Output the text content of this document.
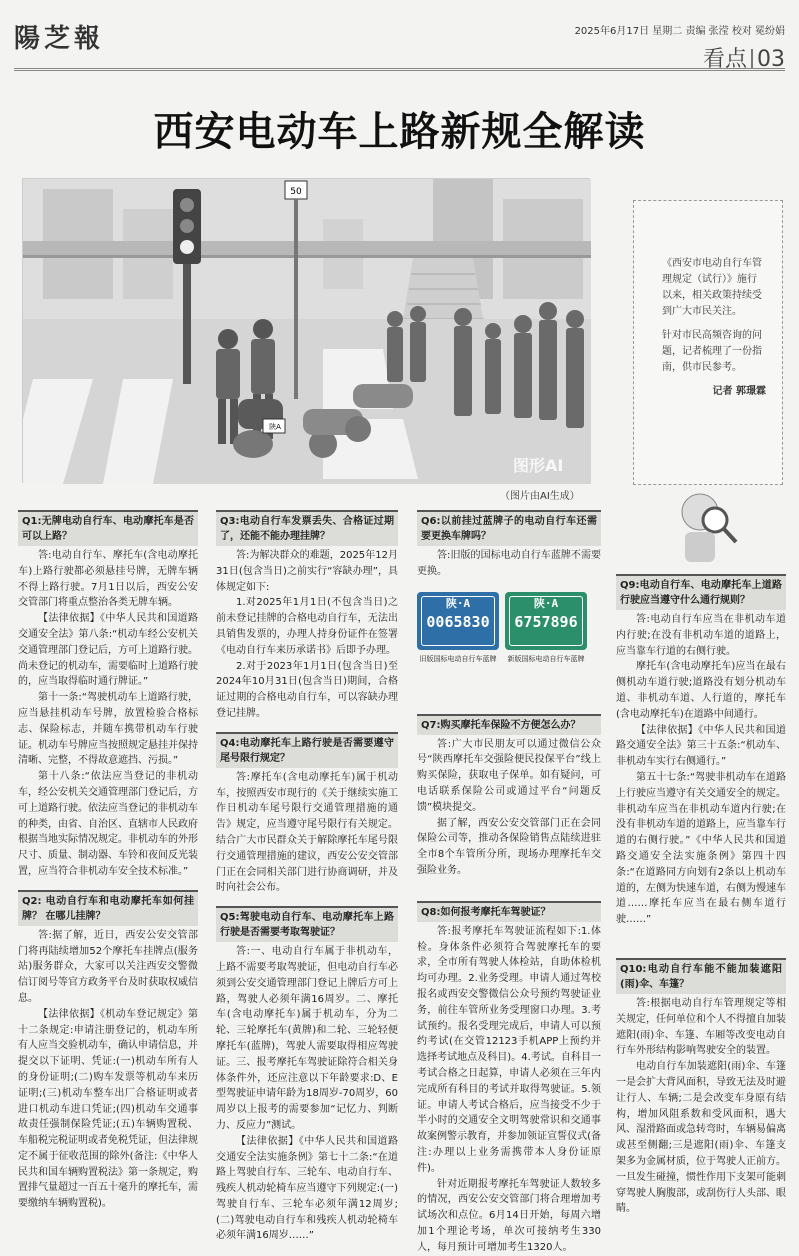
陽芝報	2025年6月17日 星期二 责编 张滢 校对 冕纷娟
看点 03
西安电动车上路新规全解读
50
陕A
图形AI
（图片由AI生成）

《西安市电动自行车管理规定（试行）》施行以来，相关政策持续受到广大市民关注。

针对市民高频咨询的问题，记者梳理了一份指南，供市民参考。

记者 郭璟霖

Q1:无牌电动自行车、电动摩托车是否可以上路？

答:电动自行车、摩托车(含电动摩托车)上路行驶都必须悬挂号牌，无牌车辆不得上路行驶。7月1日以后，西安公安交管部门将重点整治各类无牌车辆。

【法律依据】《中华人民共和国道路交通安全法》第八条:“机动车经公安机关交通管理部门登记后，方可上道路行驶。尚未登记的机动车，需要临时上道路行驶的，应当取得临时通行牌证。”

第十一条:“驾驶机动车上道路行驶，应当悬挂机动车号牌，放置检验合格标志、保险标志，并随车携带机动车行驶证。机动车号牌应当按照规定悬挂并保持清晰、完整，不得故意遮挡、污损。”

第十八条:“依法应当登记的非机动车，经公安机关交通管理部门登记后，方可上道路行驶。依法应当登记的非机动车的种类，由省、自治区、直辖市人民政府根据当地实际情况规定。非机动车的外形尺寸、质量、制动器、车铃和夜间反光装置，应当符合非机动车安全技术标准。”

Q2: 电动自行车和电动摩托车如何挂牌？ 在哪儿挂牌？

答:据了解，近日，西安公安交管部门将再陆续增加52个摩托车挂牌点(服务站)服务群众，大家可以关注西安交警微信订阅号等官方政务平台及时获取权威信息。

【法律依据】《机动车登记规定》第十二条规定:申请注册登记的，机动车所有人应当交验机动车，确认申请信息，并提交以下证明、凭证:(一)机动车所有人的身份证明;(二)购车发票等机动车来历证明;(三)机动车整车出厂合格证明或者进口机动车进口凭证;(四)机动车交通事故责任强制保险凭证;(五)车辆购置税、车船税完税证明或者免税凭证，但法律规定不属于征收范围的除外(备注:《中华人民共和国车辆购置税法》第一条规定，购置排气量超过一百五十毫升的摩托车，需要缴纳车辆购置税)。

Q3:电动自行车发票丢失、合格证过期了，还能不能办理挂牌？

答:为解决群众的难题，2025年12月31日(包含当日)之前实行“容缺办理”，具体规定如下:

1.对2025年1月1日(不包含当日)之前未登记挂牌的合格电动自行车，无法出具销售发票的，办理人持身份证件在签署《电动自行车来历承诺书》后即予办理。

2.对于2023年1月1日(包含当日)至2024年10月31日(包含当日)期间，合格证过期的合格电动自行车，可以容缺办理登记挂牌。

Q4:电动摩托车上路行驶是否需要遵守尾号限行规定？

答:摩托车(含电动摩托车)属于机动车，按照西安市现行的《关于继续实施工作日机动车尾号限行交通管理措施的通告》规定，应当遵守尾号限行有关规定。结合广大市民群众关于解除摩托车尾号限行交通管理措施的建议，西安公安交管部门正在会同相关部门进行协商调研，并及时向社会公布。

Q5:驾驶电动自行车、电动摩托车上路行驶是否需要考取驾驶证？

答:一、电动自行车属于非机动车，上路不需要考取驾驶证，但电动自行车必须到公安交通管理部门登记上牌后方可上路，驾驶人必须年满16周岁。二、摩托车(含电动摩托车)属于机动车，分为二轮、三轮摩托车(黄牌)和二轮、三轮轻便摩托车(蓝牌)，驾驶人需要取得相应驾驶证。三、报考摩托车驾驶证除符合相关身体条件外，还应注意以下年龄要求:D、E型驾驶证申请年龄为18周岁-70周岁，60周岁以上报考的需要参加“记忆力、判断力、反应力”测试。

【法律依据】《中华人民共和国道路交通安全法实施条例》第七十二条:“在道路上驾驶自行车、三轮车、电动自行车、残疾人机动轮椅车应当遵守下列规定:(一)驾驶自行车、三轮车必须年满12周岁;(二)驾驶电动自行车和残疾人机动轮椅车必须年满16周岁……”

Q6:以前挂过蓝牌子的电动自行车还需要更换车牌吗？

答:旧版的国标电动自行车蓝牌不需要更换。

陕·A
0065830
陕·A
6757896
旧版国标电动自行车蓝牌	新版国标电动自行车蓝牌
Q7:购买摩托车保险不方便怎么办？

答:广大市民朋友可以通过微信公众号“陕西摩托车交强险便民投保平台”线上购买保险，获取电子保单。如有疑问，可电话联系保险公司或通过平台“问题反馈”模块提交。

据了解，西安公安交管部门正在会同保险公司等，推动各保险销售点陆续进驻全市8个车管所分所，现场办理摩托车交强险业务。

Q8:如何报考摩托车驾驶证？

答:报考摩托车驾驶证流程如下:1.体检。身体条件必须符合驾驶摩托车的要求，全市所有驾驶人体检站，自助体检机均可办理。2.业务受理。申请人通过驾校报名或西安交警微信公众号预约驾驶证业务，前往车管所业务受理窗口办理。3.考试预约。报名受理完成后，申请人可以预约考试(在交管12123手机APP上预约并选择考试地点及科目)。4.考试。自科目一考试合格之日起算，申请人必须在三年内完成所有科目的考试并取得驾驶证。5.领证。申请人考试合格后，应当接受不少于半小时的交通安全文明驾驶常识和交通事故案例警示教育，并参加领证宣誓仪式(备注:办理以上业务需携带本人身份证原件)。

针对近期报考摩托车驾驶证人数较多的情况，西安公安交管部门将合理增加考试场次和点位。6月14日开始，每周六增加1个理论考场，单次可接纳考生330人，每月预计可增加考生1320人。

Q9:电动自行车、电动摩托车上道路行驶应当遵守什么通行规则？

答:电动自行车应当在非机动车道内行驶;在没有非机动车道的道路上，应当靠车行道的右侧行驶。

摩托车(含电动摩托车)应当在最右侧机动车道行驶;道路没有划分机动车道、非机动车道、人行道的，摩托车(含电动摩托车)在道路中间通行。

【法律依据】《中华人民共和国道路交通安全法》第三十五条:“机动车、非机动车实行右侧通行。”

第五十七条:“驾驶非机动车在道路上行驶应当遵守有关交通安全的规定。非机动车应当在非机动车道内行驶;在没有非机动车道的道路上，应当靠车行道的右侧行驶。”《中华人民共和国道路交通安全法实施条例》第四十四条:“在道路同方向划有2条以上机动车道的，左侧为快速车道，右侧为慢速车道……摩托车应当在最右侧车道行驶……”

Q10:电动自行车能不能加装遮阳(雨)伞、车篷？

答:根据电动自行车管理规定等相关规定，任何单位和个人不得擅自加装遮阳(雨)伞、车篷、车厢等改变电动自行车外形结构影响驾驶安全的装置。

电动自行车加装遮阳(雨)伞、车篷一是会扩大背风面积，导致无法及时避让行人、车辆;二是会改变车身原有结构，增加风阻系数和受风面积，遇大风、湿滑路面或急转弯时，车辆易偏离或甚至侧翻;三是遮阳(雨)伞、车篷支架多为金属材质，位于驾驶人正前方。一旦发生碰撞，惯性作用下支架可能刺穿驾驶人胸腹部，或刮伤行人头部、眼睛。
